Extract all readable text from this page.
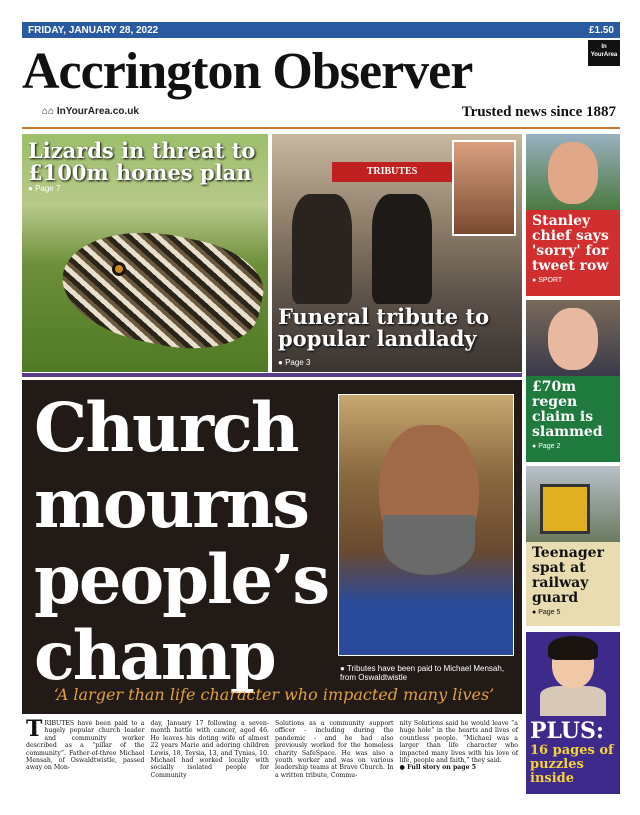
FRIDAY, JANUARY 28, 2022	£1.50
Accrington Observer	In YourArea
⌂⌂ InYourArea.co.uk	Trusted news since 1887
Lizards in threat to £100m homes plan
● Page 7
TRIBUTES
Funeral tribute to popular landlady
● Page 3
Stanley chief says 'sorry' for tweet row
● SPORT
£70m regen claim is slammed
● Page 2
Teenager spat at railway guard
● Page 5
PLUS:
16 pages of puzzles inside
Church
mourns
people’s
champ	● Tributes have been paid to Michael Mensah, from Oswaldtwistle
‘A larger than life character who impacted many lives’
TRIBUTES have been paid to a hugely popular church leader and community worker described as a “pillar of the community”. Father-of-three Michael Mensah, of Oswaldtwistle, passed away on Mon-
day, January 17 following a seven-month battle with cancer, aged 46. He leaves his doting wife of almost 22 years Marie and adoring children Lewis, 18, Teysia, 13, and Tynias, 10. Michael had worked locally with socially isolated people for Community
Solutions as a community support officer - including during the pandemic - and he had also previously worked for the homeless charity SafeSpace. He was also a youth worker and was on various leadership teams at Brave Church. In a written tribute, Commu-
nity Solutions said he would leave “a huge hole” in the hearts and lives of countless people. “Michael was a larger than life character who impacted many lives with his love of life, people and faith,” they said.
● Full story on page 5
